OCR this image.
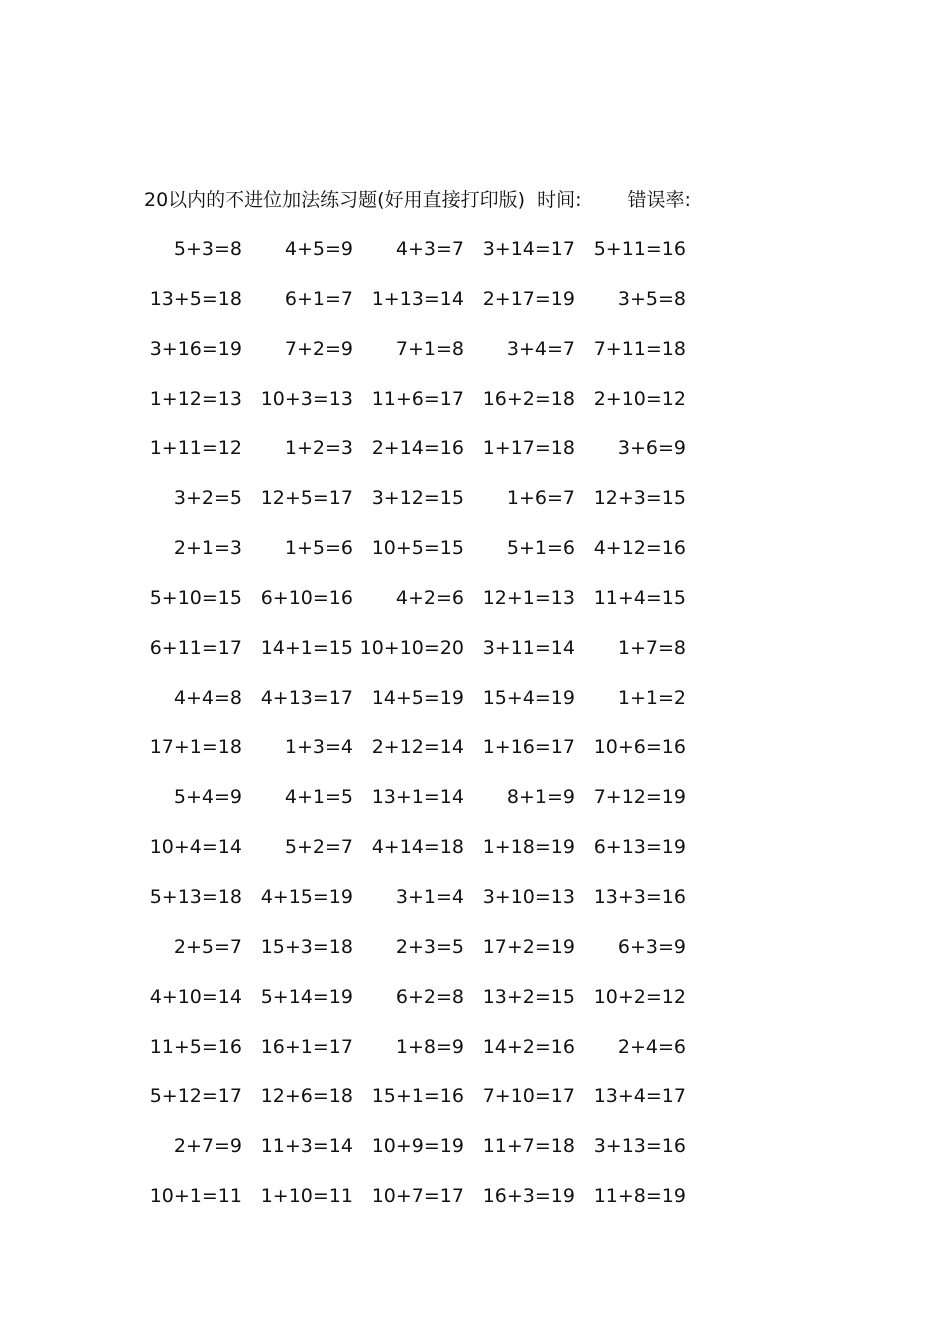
20以内的不进位加法练习题(好用直接打印版) 时间: 错误率:
5+3=8	4+5=9	4+3=7 3+14=17 5+11=16
13+5=18	6+1=7 1+13=14 2+17=19	3+5=8
3+16=19	7+2=9	7+1=8	3+4=7 7+11=18
1+12=13 10+3=13 11+6=17 16+2=18 2+10=12
1+11=12	1+2=3 2+14=16 1+17=18	3+6=9
3+2=5 12+5=17 3+12=15	1+6=7 12+3=15
2+1=3	1+5=6 10+5=15	5+1=6 4+12=16
5+10=15 6+10=16	4+2=6 12+1=13 11+4=15
6+11=17 14+1=15 10+10=20 3+11=14	1+7=8
4+4=8 4+13=17 14+5=19 15+4=19	1+1=2
17+1=18	1+3=4 2+12=14 1+16=17 10+6=16
5+4=9	4+1=5 13+1=14	8+1=9 7+12=19
10+4=14	5+2=7 4+14=18 1+18=19 6+13=19
5+13=18 4+15=19	3+1=4 3+10=13 13+3=16
2+5=7 15+3=18	2+3=5 17+2=19	6+3=9
4+10=14 5+14=19	6+2=8 13+2=15 10+2=12
11+5=16 16+1=17	1+8=9 14+2=16	2+4=6
5+12=17 12+6=18 15+1=16 7+10=17 13+4=17
2+7=9 11+3=14 10+9=19 11+7=18 3+13=16
10+1=11 1+10=11 10+7=17 16+3=19 11+8=19
